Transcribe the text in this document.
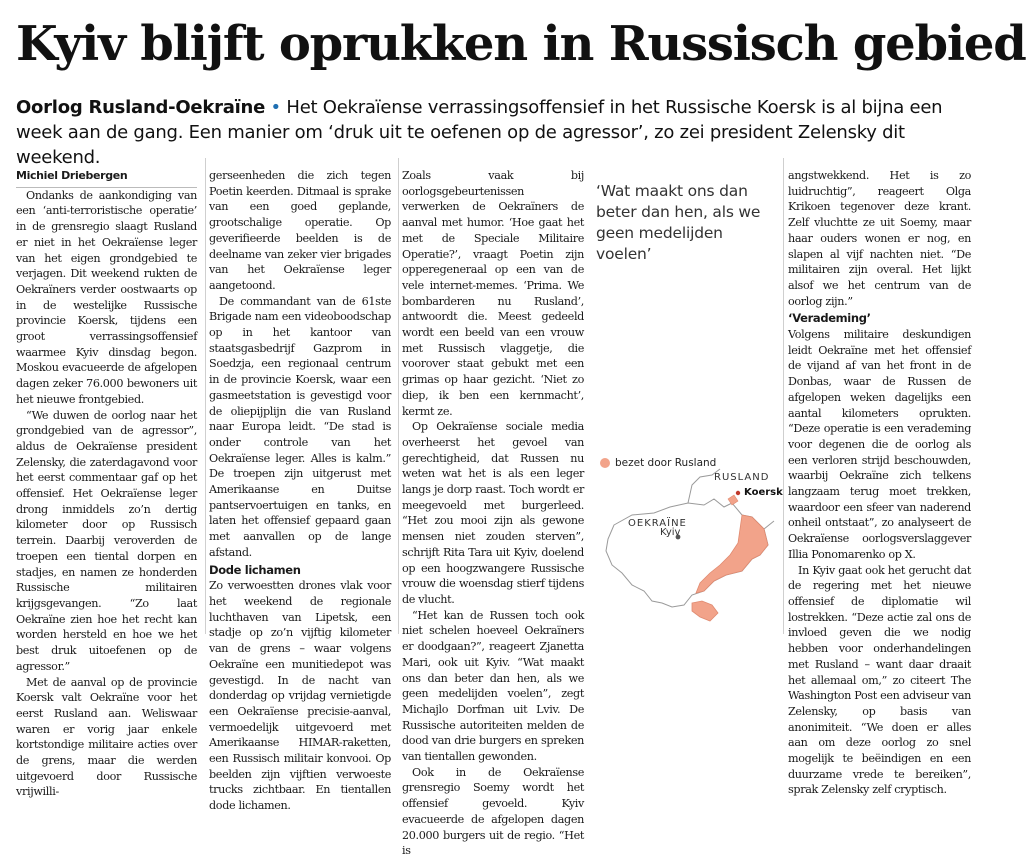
Kyiv blijft oprukken in Russisch gebied
Oorlog Rusland-Oekraïne • Het Oekraïense verrassingsoffensief in het Russische Koersk is al bijna een week aan de gang. Een manier om ‘druk uit te oefenen op de agressor’, zo zei president Zelensky dit weekend.

Michiel Driebergen

Ondanks de aankondiging van een ‘anti-terroristische operatie’ in de grensregio slaagt Rusland er niet in het Oekraïense leger van het eigen grondgebied te verjagen. Dit weekend rukten de Oekraïners verder oostwaarts op in de westelijke Russische provincie Koersk, tijdens een groot verrassingsoffensief waarmee Kyiv dinsdag begon. Moskou evacueerde de afgelopen dagen zeker 76.000 bewoners uit het nieuwe frontgebied.

“We duwen de oorlog naar het grondgebied van de agressor”, aldus de Oekraïense president Zelensky, die zaterdagavond voor het eerst commentaar gaf op het offensief. Het Oekraïense leger drong inmiddels zo’n dertig kilometer door op Russisch terrein. Daarbij veroverden de troepen een tiental dorpen en stadjes, en namen ze honderden Russische militairen krijgsgevangen. “Zo laat Oekraïne zien hoe het recht kan worden hersteld en hoe we het best druk uitoefenen op de agressor.”

Met de aanval op de provincie Koersk valt Oekraïne voor het eerst Rusland aan. Weliswaar waren er vorig jaar enkele kortstondige militaire acties over de grens, maar die werden uitgevoerd door Russische vrijwilli-

gerseenheden die zich tegen Poetin keerden. Ditmaal is sprake van een goed geplande, grootschalige operatie. Op geverifieerde beelden is de deelname van zeker vier brigades van het Oekraïense leger aangetoond.

De commandant van de 61ste Brigade nam een videoboodschap op in het kantoor van staatsgasbedrijf Gazprom in Soedzja, een regionaal centrum in de provincie Koersk, waar een gasmeetstation is gevestigd voor de oliepijplijn die van Rusland naar Europa leidt. “De stad is onder controle van het Oekraïense leger. Alles is kalm.” De troepen zijn uitgerust met Amerikaanse en Duitse pantservoertuigen en tanks, en laten het offensief gepaard gaan met aanvallen op de lange afstand.

Dode lichamen

Zo verwoestten drones vlak voor het weekend de regionale luchthaven van Lipetsk, een stadje op zo’n vijftig kilometer van de grens – waar volgens Oekraïne een munitiedepot was gevestigd. In de nacht van donderdag op vrijdag vernietigde een Oekraïense precisie-aanval, vermoedelijk uitgevoerd met Amerikaanse HIMAR-raketten, een Russisch militair konvooi. Op beelden zijn vijftien verwoeste trucks zichtbaar. En tientallen dode lichamen.

Zoals vaak bij oorlogsgebeurtenissen verwerken de Oekraïners de aanval met humor. ‘Hoe gaat het met de Speciale Militaire Operatie?’, vraagt Poetin zijn opperegeneraal op een van de vele internet-memes. ‘Prima. We bombarderen nu Rusland’, antwoordt die. Meest gedeeld wordt een beeld van een vrouw met Russisch vlaggetje, die voorover staat gebukt met een grimas op haar gezicht. ‘Niet zo diep, ik ben een kernmacht’, kermt ze.

Op Oekraïense sociale media overheerst het gevoel van gerechtigheid, dat Russen nu weten wat het is als een leger langs je dorp raast. Toch wordt er meegevoeld met burgerleed. “Het zou mooi zijn als gewone mensen niet zouden sterven”, schrijft Rita Tara uit Kyiv, doelend op een hoogzwangere Russische vrouw die woensdag stierf tijdens de vlucht.

“Het kan de Russen toch ook niet schelen hoeveel Oekraïners er doodgaan?”, reageert Zjanetta Mari, ook uit Kyiv. “Wat maakt ons dan beter dan hen, als we geen medelijden voelen”, zegt Michajlo Dorfman uit Lviv. De Russische autoriteiten melden de dood van drie burgers en spreken van tientallen gewonden.

Ook in de Oekraïense grensregio Soemy wordt het offensief gevoeld. Kyiv evacueerde de afgelopen dagen 20.000 burgers uit de regio. “Het is

‘Wat maakt ons dan beter dan hen, als we geen medelijden voelen’
bezet door Rusland
RUSLAND
Koersk
Kyiv
OEKRAÏNE

angstwekkend. Het is zo luidruchtig”, reageert Olga Krikoen tegenover deze krant. Zelf vluchtte ze uit Soemy, maar haar ouders wonen er nog, en slapen al vijf nachten niet. “De militairen zijn overal. Het lijkt alsof we het centrum van de oorlog zijn.”

‘Verademing’

Volgens militaire deskundigen leidt Oekraïne met het offensief de vijand af van het front in de Donbas, waar de Russen de afgelopen weken dagelijks een aantal kilometers oprukten. “Deze operatie is een verademing voor degenen die de oorlog als een verloren strijd beschouwden, waarbij Oekraïne zich telkens langzaam terug moet trekken, waardoor een sfeer van naderend onheil ontstaat”, zo analyseert de Oekraïense oorlogsverslaggever Illia Ponomarenko op X.

In Kyiv gaat ook het gerucht dat de regering met het nieuwe offensief de diplomatie wil lostrekken. “Deze actie zal ons de invloed geven die we nodig hebben voor onderhandelingen met Rusland – want daar draait het allemaal om,” zo citeert The Washington Post een adviseur van Zelensky, op basis van anonimiteit. “We doen er alles aan om deze oorlog zo snel mogelijk te beëindigen en een duurzame vrede te bereiken”, sprak Zelensky zelf cryptisch.
